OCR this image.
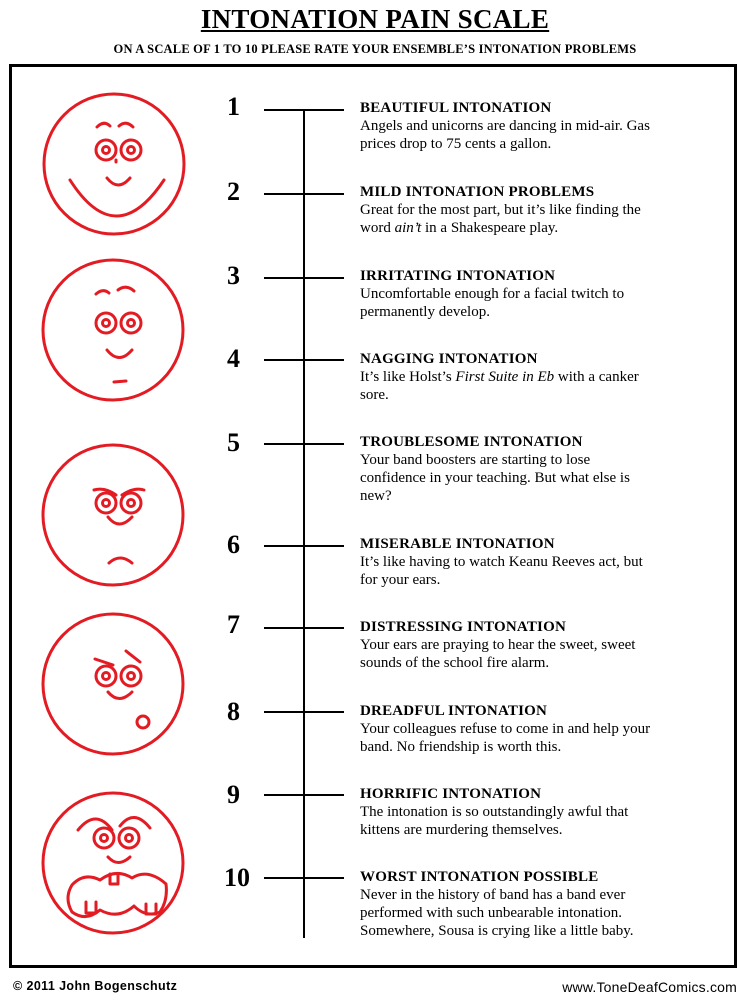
INTONATION PAIN SCALE
ON A SCALE OF 1 TO 10 PLEASE RATE YOUR ENSEMBLE’S INTONATION PROBLEMS
1	BEAUTIFUL INTONATION
Angels and unicorns are dancing in mid-air. Gas
prices drop to 75 cents a gallon.
2	MILD INTONATION PROBLEMS
Great for the most part, but it’s like finding the
word ain’t in a Shakespeare play.
3	IRRITATING INTONATION
Uncomfortable enough for a facial twitch to
permanently develop.
4	NAGGING INTONATION
It’s like Holst’s First Suite in Eb with a canker
sore.
5	TROUBLESOME INTONATION
Your band boosters are starting to lose
confidence in your teaching. But what else is
new?
6	MISERABLE INTONATION
It’s like having to watch Keanu Reeves act, but
for your ears.
7	DISTRESSING INTONATION
Your ears are praying to hear the sweet, sweet
sounds of the school fire alarm.
8	DREADFUL INTONATION
Your colleagues refuse to come in and help your
band. No friendship is worth this.
9	HORRIFIC INTONATION
The intonation is so outstandingly awful that
kittens are murdering themselves.
10	WORST INTONATION POSSIBLE
Never in the history of band has a band ever
performed with such unbearable intonation.
Somewhere, Sousa is crying like a little baby.
© 2011 John Bogenschutz	www.ToneDeafComics.com
